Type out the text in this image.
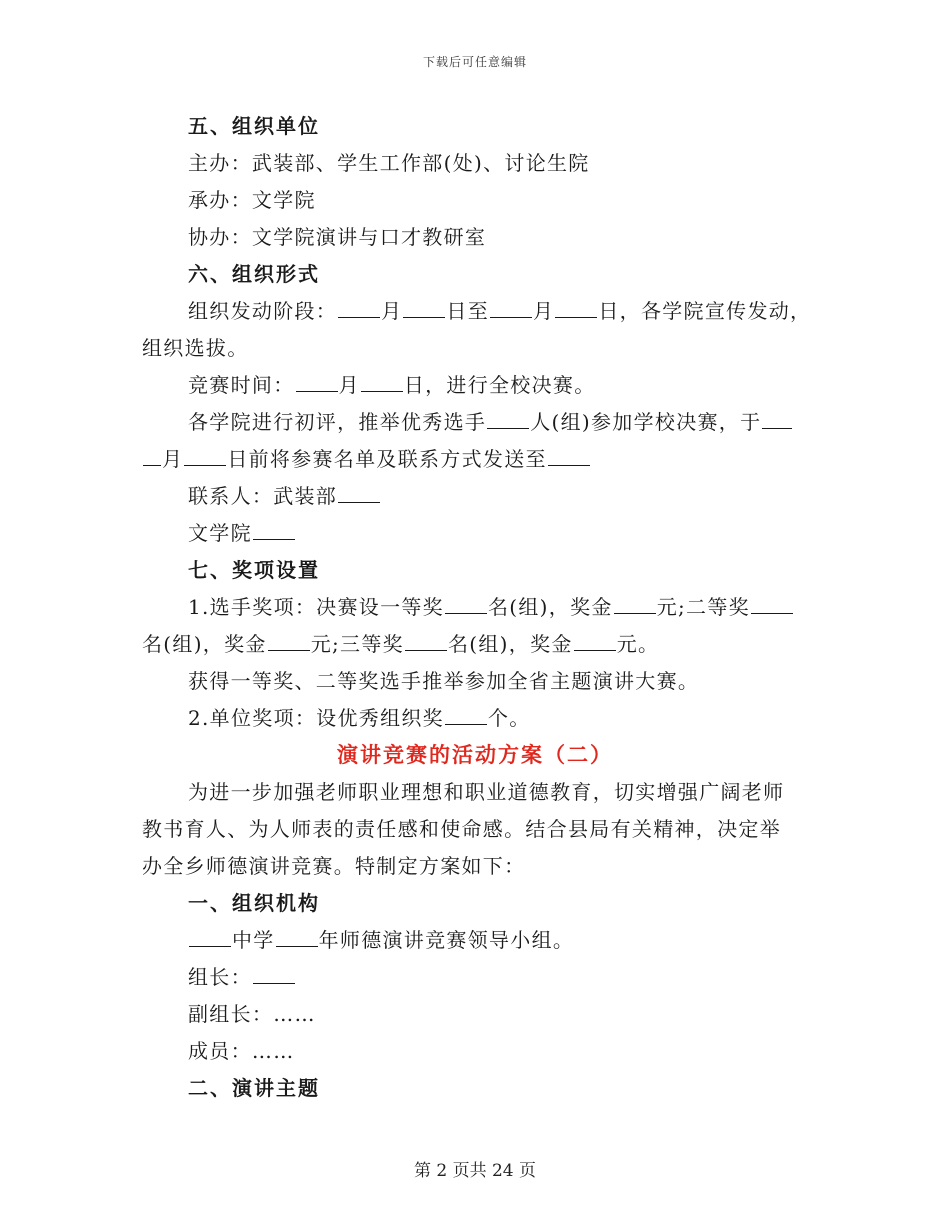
下载后可任意编辑
五、组织单位
主办：武装部、学生工作部(处)、讨论生院
承办：文学院
协办：文学院演讲与口才教研室
六、组织形式
组织发动阶段： 月 日至 月 日，各学院宣传发动，
组织选拔。
竞赛时间： 月 日，进行全校决赛。
各学院进行初评，推举优秀选手 人(组)参加学校决赛，于
月 日前将参赛名单及联系方式发送至
联系人：武装部
文学院
七、奖项设置
1.选手奖项：决赛设一等奖 名(组)，奖金 元;二等奖
名(组)，奖金 元;三等奖 名(组)，奖金 元。
获得一等奖、二等奖选手推举参加全省主题演讲大赛。
2.单位奖项：设优秀组织奖 个。
演讲竞赛的活动方案（二）
为进一步加强老师职业理想和职业道德教育，切实增强广阔老师
教书育人、为人师表的责任感和使命感。结合县局有关精神，决定举
办全乡师德演讲竞赛。特制定方案如下：
一、组织机构
中学 年师德演讲竞赛领导小组。
组长：
副组长：……
成员：……
二、演讲主题
第 2 页共 24 页
